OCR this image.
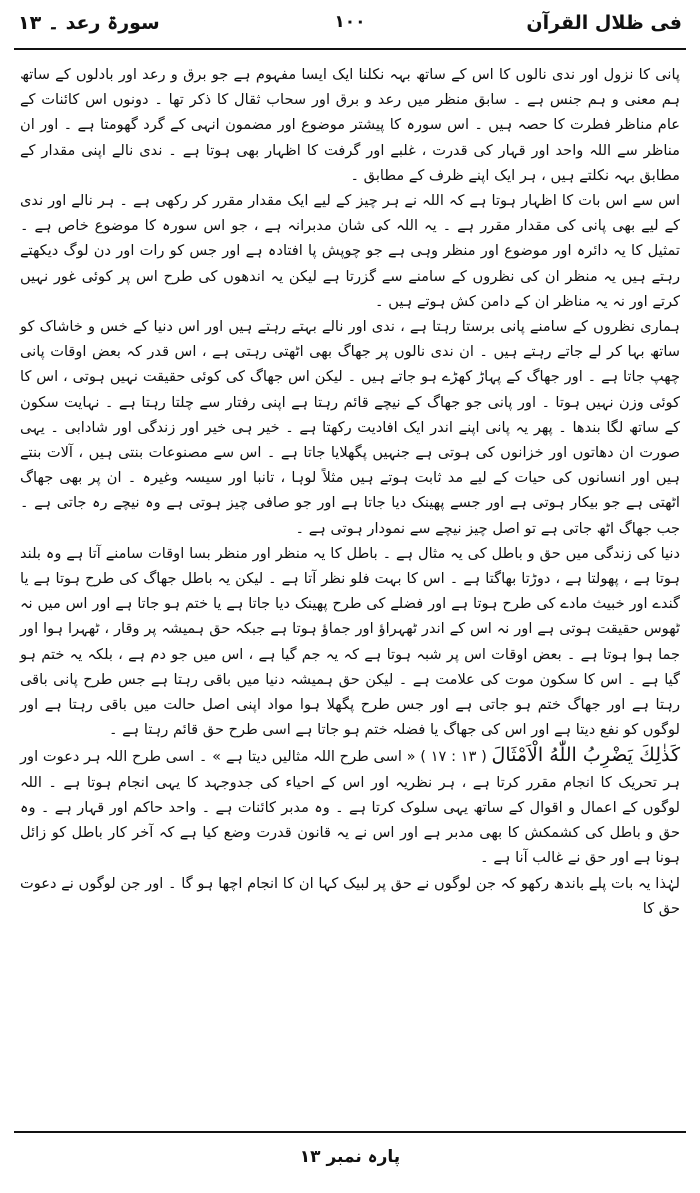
فی ظلال القرآن
۱۰۰
سورۃ رعد ۔ ۱۳

پانی کا نزول اور ندی نالوں کا اس کے ساتھ بہہ نکلنا ایک ایسا مفہوم ہے جو برق و رعد اور بادلوں کے ساتھ ہم معنی و ہم جنس ہے ۔ سابق منظر میں رعد و برق اور سحاب ثقال کا ذکر تھا ۔ دونوں اس کائنات کے عام مناظر فطرت کا حصہ ہیں ۔ اس سورہ کا پیشتر موضوع اور مضمون انہی کے گرد گھومتا ہے ۔ اور ان مناظر سے اللہ واحد اور قہار کی قدرت ، غلبے اور گرفت کا اظہار بھی ہوتا ہے ۔ ندی نالے اپنی مقدار کے مطابق بہہ نکلتے ہیں ، ہر ایک اپنے ظرف کے مطابق ۔

اس سے اس بات کا اظہار ہوتا ہے کہ اللہ نے ہر چیز کے لیے ایک مقدار مقرر کر رکھی ہے ۔ ہر نالے اور ندی کے لیے بھی پانی کی مقدار مقرر ہے ۔ یہ اللہ کی شان مدبرانہ ہے ، جو اس سورہ کا موضوع خاص ہے ۔ تمثیل کا یہ دائرہ اور موضوع اور منظر وہی ہے جو چوپش پا افتادہ ہے اور جس کو رات اور دن لوگ دیکھتے رہتے ہیں یہ منظر ان کی نظروں کے سامنے سے گزرتا ہے لیکن یہ اندھوں کی طرح اس پر کوئی غور نہیں کرتے اور نہ یہ مناظر ان کے دامن کش ہوتے ہیں ۔

ہماری نظروں کے سامنے پانی برستا رہتا ہے ، ندی اور نالے بہتے رہتے ہیں اور اس دنیا کے خس و خاشاک کو ساتھ بہا کر لے جاتے رہتے ہیں ۔ ان ندی نالوں پر جھاگ بھی اٹھتی رہتی ہے ، اس قدر کہ بعض اوقات پانی چھپ جاتا ہے ۔ اور جھاگ کے پہاڑ کھڑے ہو جاتے ہیں ۔ لیکن اس جھاگ کی کوئی حقیقت نہیں ہوتی ، اس کا کوئی وزن نہیں ہوتا ۔ اور پانی جو جھاگ کے نیچے قائم رہتا ہے اپنی رفتار سے چلتا رہتا ہے ۔ نہایت سکون کے ساتھ لگا بندھا ۔ پھر یہ پانی اپنے اندر ایک افادیت رکھتا ہے ۔ خیر ہی خیر اور زندگی اور شادابی ۔ یہی صورت ان دھاتوں اور خزانوں کی ہوتی ہے جنہیں پگھلایا جاتا ہے ۔ اس سے مصنوعات بنتی ہیں ، آلات بنتے ہیں اور انسانوں کی حیات کے لیے مد ثابت ہوتے ہیں مثلاً لوہا ، تانبا اور سیسہ وغیرہ ۔ ان پر بھی جھاگ اٹھتی ہے جو بیکار ہوتی ہے اور جسے پھینک دیا جاتا ہے اور جو صافی چیز ہوتی ہے وہ نیچے رہ جاتی ہے ۔ جب جھاگ اٹھ جاتی ہے تو اصل چیز نیچے سے نمودار ہوتی ہے ۔

دنیا کی زندگی میں حق و باطل کی یہ مثال ہے ۔ باطل کا یہ منظر اور منظر بسا اوقات سامنے آتا ہے وہ بلند ہوتا ہے ، پھولتا ہے ، دوڑتا بھاگتا ہے ۔ اس کا بہت فلو نظر آتا ہے ۔ لیکن یہ باطل جھاگ کی طرح ہوتا ہے یا گندے اور خبیث مادے کی طرح ہوتا ہے اور فضلے کی طرح پھینک دیا جاتا ہے یا ختم ہو جاتا ہے اور اس میں نہ ٹھوس حقیقت ہوتی ہے اور نہ اس کے اندر ٹھہراؤ اور جماؤ ہوتا ہے جبکہ حق ہمیشہ پر وقار ، ٹھہرا ہوا اور جما ہوا ہوتا ہے ۔ بعض اوقات اس پر شبہ ہوتا ہے کہ یہ جم گیا ہے ، اس میں جو دم ہے ، بلکہ یہ ختم ہو گیا ہے ۔ اس کا سکون موت کی علامت ہے ۔ لیکن حق ہمیشہ دنیا میں باقی رہتا ہے جس طرح پانی باقی رہتا ہے اور جھاگ ختم ہو جاتی ہے اور جس طرح پگھلا ہوا مواد اپنی اصل حالت میں باقی رہتا ہے اور لوگوں کو نفع دیتا ہے اور اس کی جھاگ یا فضلہ ختم ہو جاتا ہے اسی طرح حق قائم رہتا ہے ۔

كَذٰلِكَ يَضْرِبُ اللّٰهُ الْاَمْثَالَ ( ۱۳ : ۱۷ ) « اسی طرح اللہ مثالیں دیتا ہے » ۔ اسی طرح اللہ ہر دعوت اور ہر تحریک کا انجام مقرر کرتا ہے ، ہر نظریہ اور اس کے احیاء کی جدوجہد کا یہی انجام ہوتا ہے ۔ اللہ لوگوں کے اعمال و اقوال کے ساتھ یہی سلوک کرتا ہے ۔ وہ مدبر کائنات ہے ۔ واحد حاکم اور قہار ہے ۔ وہ حق و باطل کی کشمکش کا بھی مدبر ہے اور اس نے یہ قانون قدرت وضع کیا ہے کہ آخر کار باطل کو زائل ہونا ہے اور حق نے غالب آنا ہے ۔

لہٰذا یہ بات پلے باندھ رکھو کہ جن لوگوں نے حق پر لبیک کہا ان کا انجام اچھا ہو گا ۔ اور جن لوگوں نے دعوت حق کا

پارہ نمبر ۱۳
